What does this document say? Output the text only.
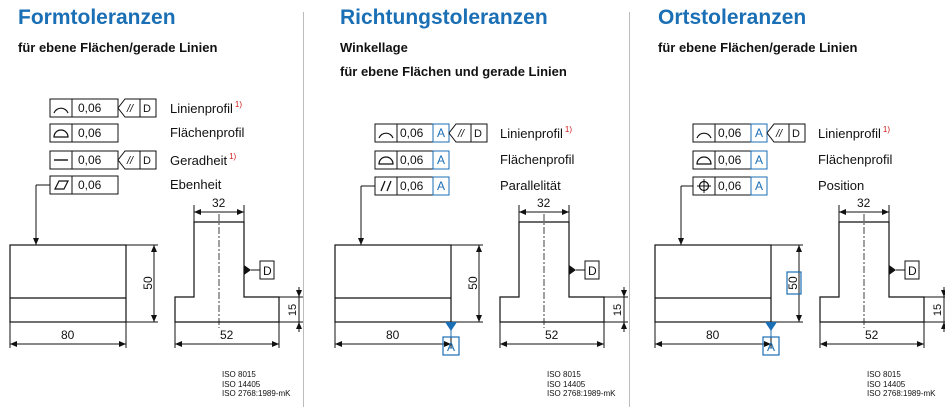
Formtoleranzen
für ebene Flächen/gerade Linien
Richtungstoleranzen
Winkellage
für ebene Flächen und gerade Linien
Ortstoleranzen
für ebene Flächen/gerade Linien
0,06 // D
0,06
0,06 // D
0,06
80
50
32
52
D
15
0,06 A // D
0,06 A
0,06 A
80
50
A
32
52
D
15
0,06 A // D
0,06 A
0,06 A
80
50
A
32
52
D
15
Linienprofil $^{1)}$
Flächenprofil
Geradheit $^{1)}$
Ebenheit
ISO 8015
ISO 14405
ISO 2768:1989-mK
Linienprofil $^{1)}$
Flächenprofil
Parallelität
ISO 8015
ISO 14405
ISO 2768:1989-mK
Linienprofil $^{1)}$
Flächenprofil
Position
ISO 8015
ISO 14405
ISO 2768:1989-mK
